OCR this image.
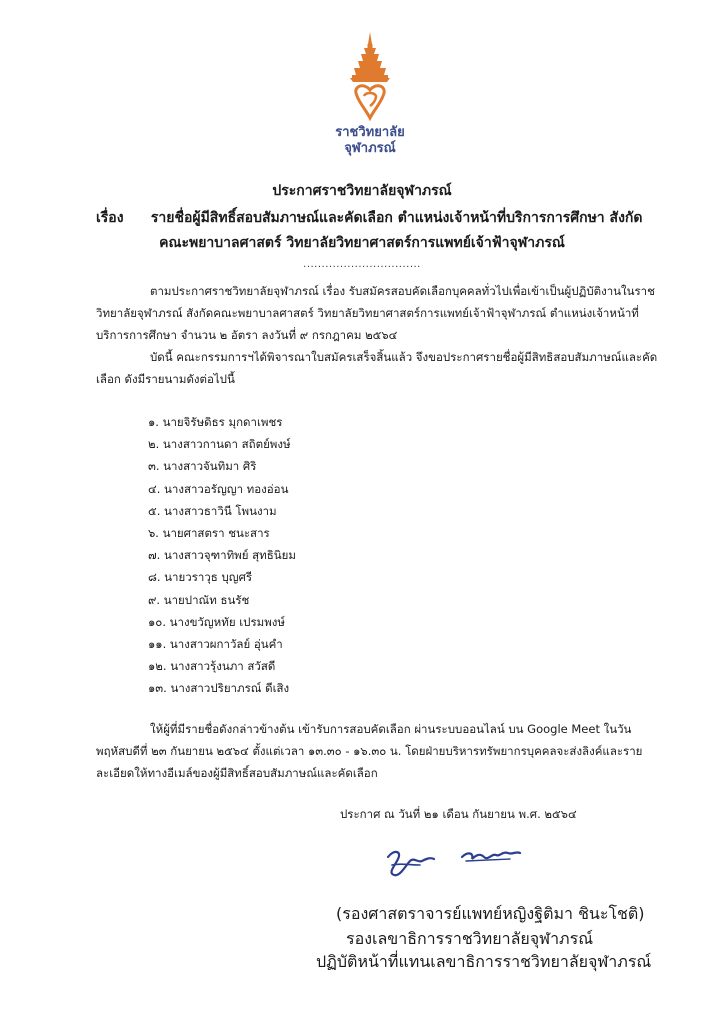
ราชวิทยาลัย
จุฬาภรณ์
ประกาศราชวิทยาลัยจุฬาภรณ์
เรื่อง รายชื่อผู้มีสิทธิ์สอบสัมภาษณ์และคัดเลือก ตำแหน่งเจ้าหน้าที่บริการการศึกษา สังกัด
คณะพยาบาลศาสตร์ วิทยาลัยวิทยาศาสตร์การแพทย์เจ้าฟ้าจุฬาภรณ์
................................
ตามประกาศราชวิทยาลัยจุฬาภรณ์ เรื่อง รับสมัครสอบคัดเลือกบุคคลทั่วไปเพื่อเข้าเป็นผู้ปฏิบัติงานในราชวิทยาลัยจุฬาภรณ์ สังกัดคณะพยาบาลศาสตร์ วิทยาลัยวิทยาศาสตร์การแพทย์เจ้าฟ้าจุฬาภรณ์ ตำแหน่งเจ้าหน้าที่บริการการศึกษา จำนวน ๒ อัตรา ลงวันที่ ๙ กรกฎาคม ๒๕๖๔
บัดนี้ คณะกรรมการฯได้พิจารณาใบสมัครเสร็จสิ้นแล้ว จึงขอประกาศรายชื่อผู้มีสิทธิสอบสัมภาษณ์และคัดเลือก ดังมีรายนามดังต่อไปนี้
๑. นายจิรัษดิธร มุกดาเพชร
๒. นางสาวกานดา สถิตย์พงษ์
๓. นางสาวจันทิมา ศิริ
๔. นางสาวอรัญญา ทองอ่อน
๕. นางสาวธาวินี โพนงาม
๖. นายศาสตรา ชนะสาร
๗. นางสาวจุฑาทิพย์ สุทธินิยม
๘. นายวราวุธ บุญศรี
๙. นายปาณัท ธนรัช
๑๐. นางขวัญหทัย เปรมพงษ์
๑๑. นางสาวผกาวัลย์ อุ่นคำ
๑๒. นางสาวรุ้งนภา สวัสดี
๑๓. นางสาวปริยาภรณ์ ดีเสิง
ให้ผู้ที่มีรายชื่อดังกล่าวข้างต้น เข้ารับการสอบคัดเลือก ผ่านระบบออนไลน์ บน Google Meet ในวันพฤหัสบดีที่ ๒๓ กันยายน ๒๕๖๔ ตั้งแต่เวลา ๑๓.๓๐ - ๑๖.๓๐ น. โดยฝ่ายบริหารทรัพยากรบุคคลจะส่งลิงค์และรายละเอียดให้ทางอีเมล์ของผู้มีสิทธิ์สอบสัมภาษณ์และคัดเลือก
ประกาศ ณ วันที่ ๒๑ เดือน กันยายน พ.ศ. ๒๕๖๔
(รองศาสตราจารย์แพทย์หญิงฐิติมา ชินะโชติ)
รองเลขาธิการราชวิทยาลัยจุฬาภรณ์
ปฏิบัติหน้าที่แทนเลขาธิการราชวิทยาลัยจุฬาภรณ์
